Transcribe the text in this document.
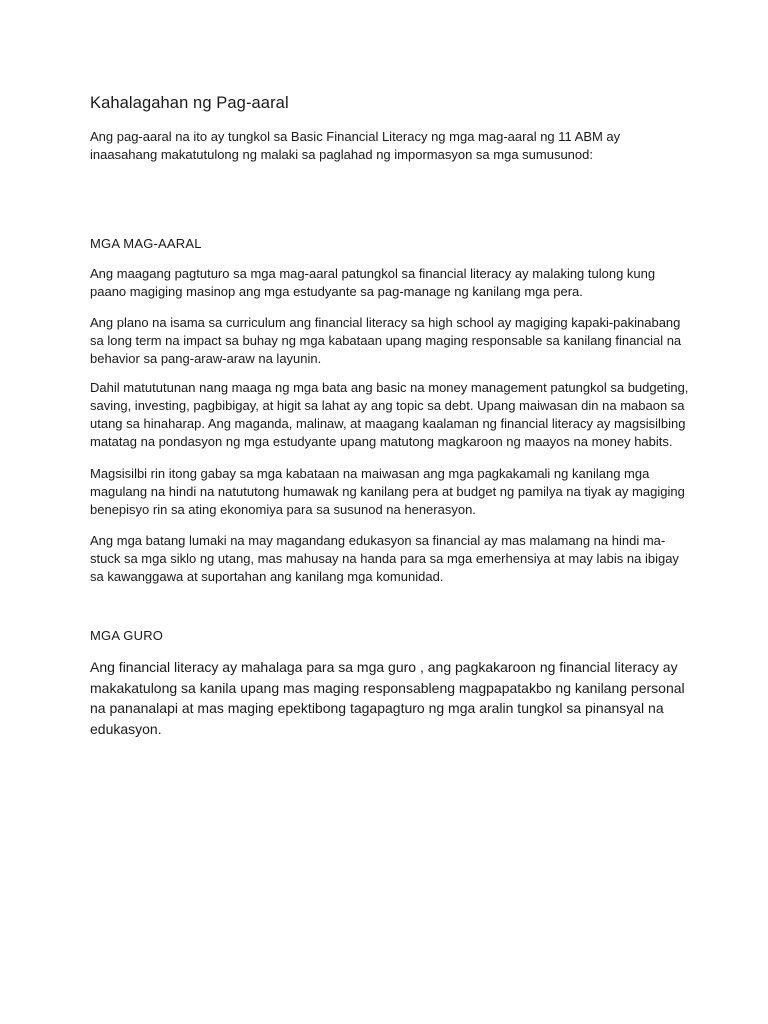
Kahalagahan ng Pag-aaral

Ang pag-aaral na ito ay tungkol sa Basic Financial Literacy ng mga mag-aaral ng 11 ABM ay inaasahang makatutulong ng malaki sa paglahad ng impormasyon sa mga sumusunod:

MGA MAG-AARAL

Ang maagang pagtuturo sa mga mag-aaral patungkol sa financial literacy ay malaking tulong kung paano magiging masinop ang mga estudyante sa pag-manage ng kanilang mga pera.

Ang plano na isama sa curriculum ang financial literacy sa high school ay magiging kapaki-pakinabang sa long term na impact sa buhay ng mga kabataan upang maging responsable sa kanilang financial na behavior sa pang-araw-araw na layunin.

Dahil matututunan nang maaga ng mga bata ang basic na money management patungkol sa budgeting, saving, investing, pagbibigay, at higit sa lahat ay ang topic sa debt. Upang maiwasan din na mabaon sa utang sa hinaharap. Ang maganda, malinaw, at maagang kaalaman ng financial literacy ay magsisilbing matatag na pondasyon ng mga estudyante upang matutong magkaroon ng maayos na money habits.

Magsisilbi rin itong gabay sa mga kabataan na maiwasan ang mga pagkakamali ng kanilang mga magulang na hindi na natututong humawak ng kanilang pera at budget ng pamilya na tiyak ay magiging benepisyo rin sa ating ekonomiya para sa susunod na henerasyon.

Ang mga batang lumaki na may magandang edukasyon sa financial ay mas malamang na hindi ma-stuck sa mga siklo ng utang, mas mahusay na handa para sa mga emerhensiya at may labis na ibigay sa kawanggawa at suportahan ang kanilang mga komunidad.

MGA GURO

Ang financial literacy ay mahalaga para sa mga guro , ang pagkakaroon ng financial literacy ay makakatulong sa kanila upang mas maging responsableng magpapatakbo ng kanilang personal na pananalapi at mas maging epektibong tagapagturo ng mga aralin tungkol sa pinansyal na edukasyon.
